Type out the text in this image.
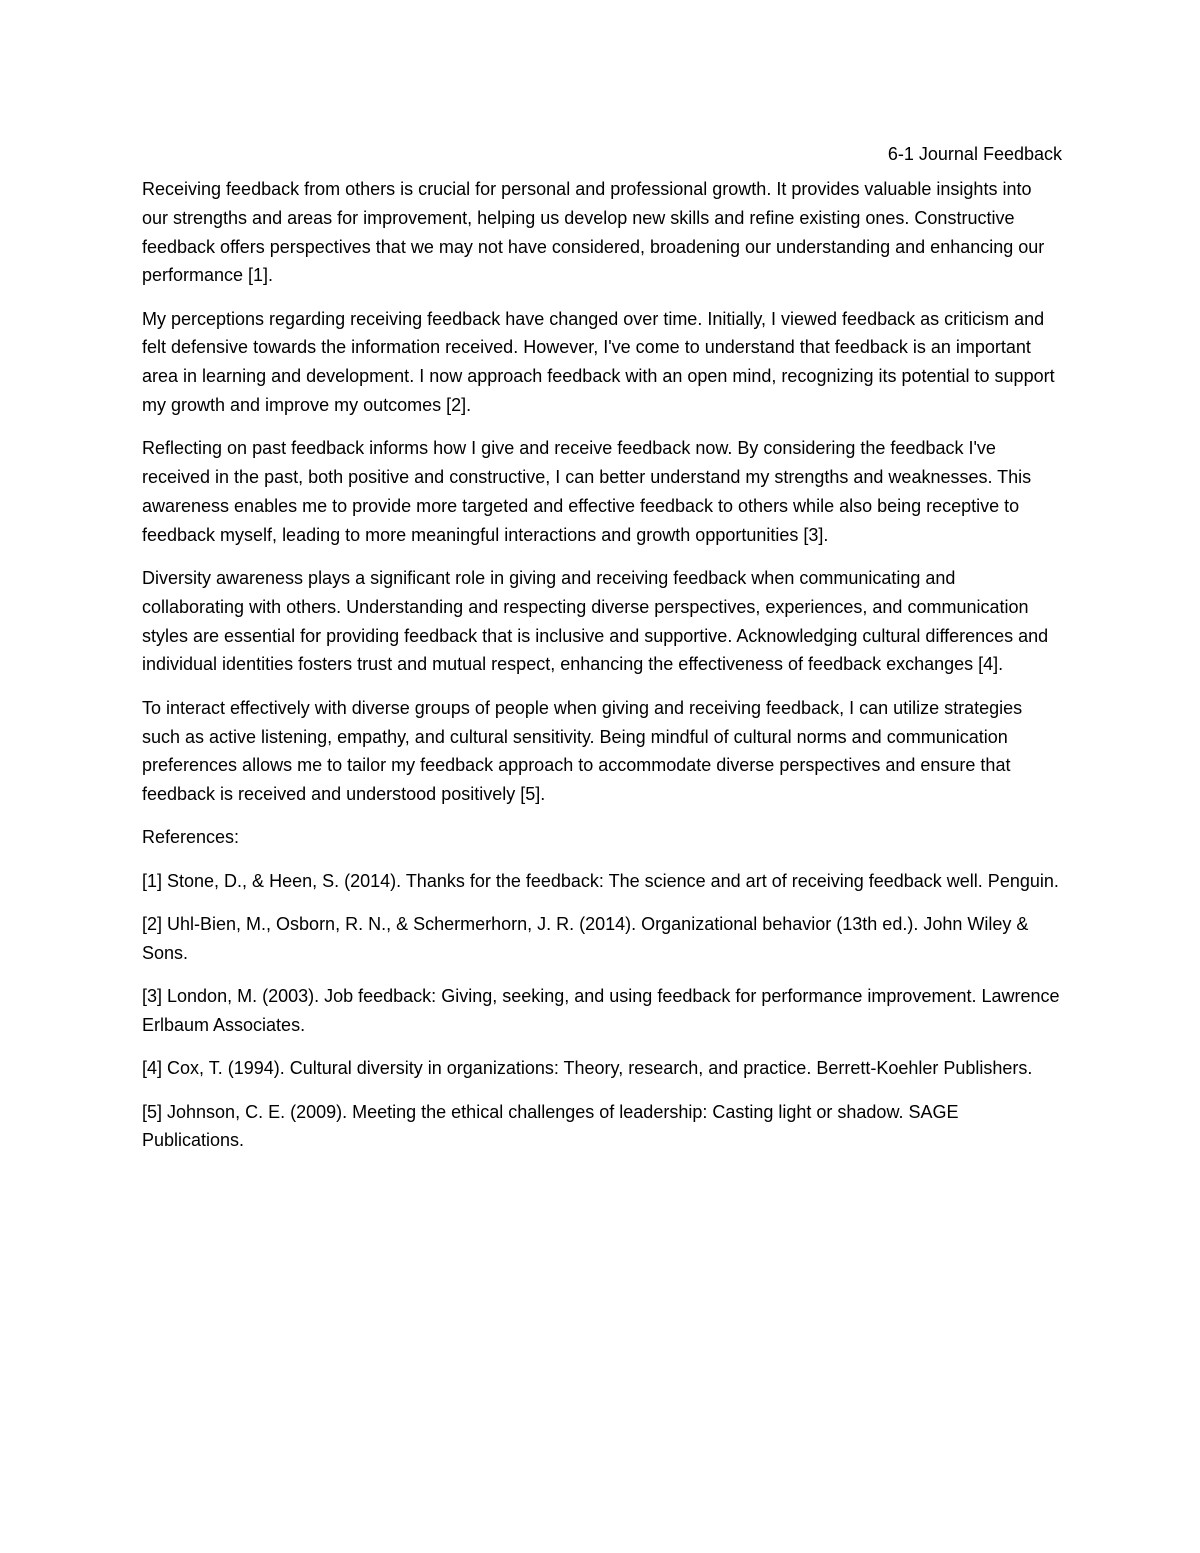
6-1 Journal Feedback

Receiving feedback from others is crucial for personal and professional growth. It provides valuable insights into our strengths and areas for improvement, helping us develop new skills and refine existing ones. Constructive feedback offers perspectives that we may not have considered, broadening our understanding and enhancing our performance [1].

My perceptions regarding receiving feedback have changed over time. Initially, I viewed feedback as criticism and felt defensive towards the information received. However, I've come to understand that feedback is an important area in learning and development. I now approach feedback with an open mind, recognizing its potential to support my growth and improve my outcomes [2].

Reflecting on past feedback informs how I give and receive feedback now. By considering the feedback I've received in the past, both positive and constructive, I can better understand my strengths and weaknesses. This awareness enables me to provide more targeted and effective feedback to others while also being receptive to feedback myself, leading to more meaningful interactions and growth opportunities [3].

Diversity awareness plays a significant role in giving and receiving feedback when communicating and collaborating with others. Understanding and respecting diverse perspectives, experiences, and communication styles are essential for providing feedback that is inclusive and supportive. Acknowledging cultural differences and individual identities fosters trust and mutual respect, enhancing the effectiveness of feedback exchanges [4].

To interact effectively with diverse groups of people when giving and receiving feedback, I can utilize strategies such as active listening, empathy, and cultural sensitivity. Being mindful of cultural norms and communication preferences allows me to tailor my feedback approach to accommodate diverse perspectives and ensure that feedback is received and understood positively [5].

References:

[1] Stone, D., & Heen, S. (2014). Thanks for the feedback: The science and art of receiving feedback well. Penguin.

[2] Uhl-Bien, M., Osborn, R. N., & Schermerhorn, J. R. (2014). Organizational behavior (13th ed.). John Wiley & Sons.

[3] London, M. (2003). Job feedback: Giving, seeking, and using feedback for performance improvement. Lawrence Erlbaum Associates.

[4] Cox, T. (1994). Cultural diversity in organizations: Theory, research, and practice. Berrett-Koehler Publishers.

[5] Johnson, C. E. (2009). Meeting the ethical challenges of leadership: Casting light or shadow. SAGE Publications.
